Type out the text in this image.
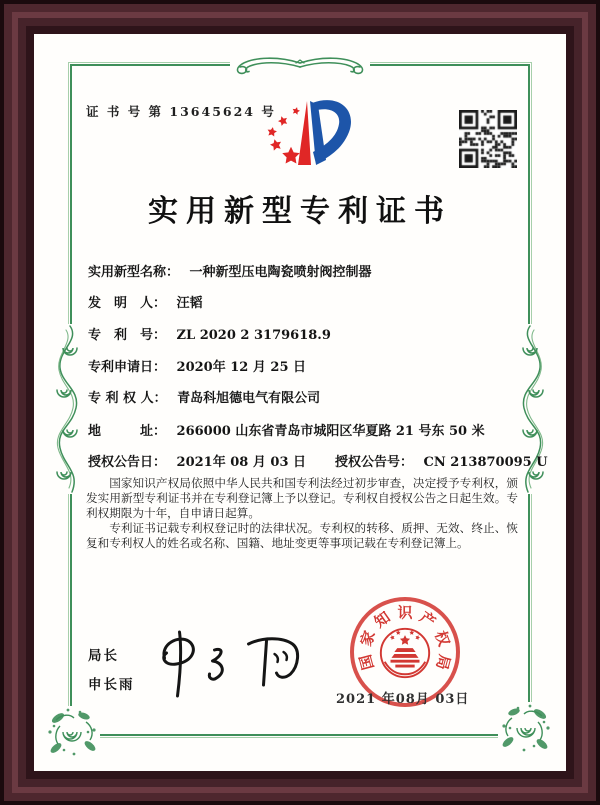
证 书 号 第 13645624 号
实用新型专利证书
实用新型名称： 一种新型压电陶瓷喷射阀控制器
发　明　人： 汪韬
专　利　号： ZL 2020 2 3179618.9
专利申请日： 2020年 12 月 25 日
专 利 权 人： 青岛科旭德电气有限公司
地　　　址： 266000 山东省青岛市城阳区华夏路 21 号东 50 米
授权公告日： 2021年 08 月 03 日 授权公告号： CN 213870095 U

国家知识产权局依照中华人民共和国专利法经过初步审查，决定授予专利权，颁发实用新型专利证书并在专利登记簿上予以登记。专利权自授权公告之日起生效。专利权期限为十年，自申请日起算。

专利证书记载专利权登记时的法律状况。专利权的转移、质押、无效、终止、恢复和专利权人的姓名或名称、国籍、地址变更等事项记载在专利登记簿上。

局长
申长雨
国
家
知 识 产
权
局
2021 年08月 03日
